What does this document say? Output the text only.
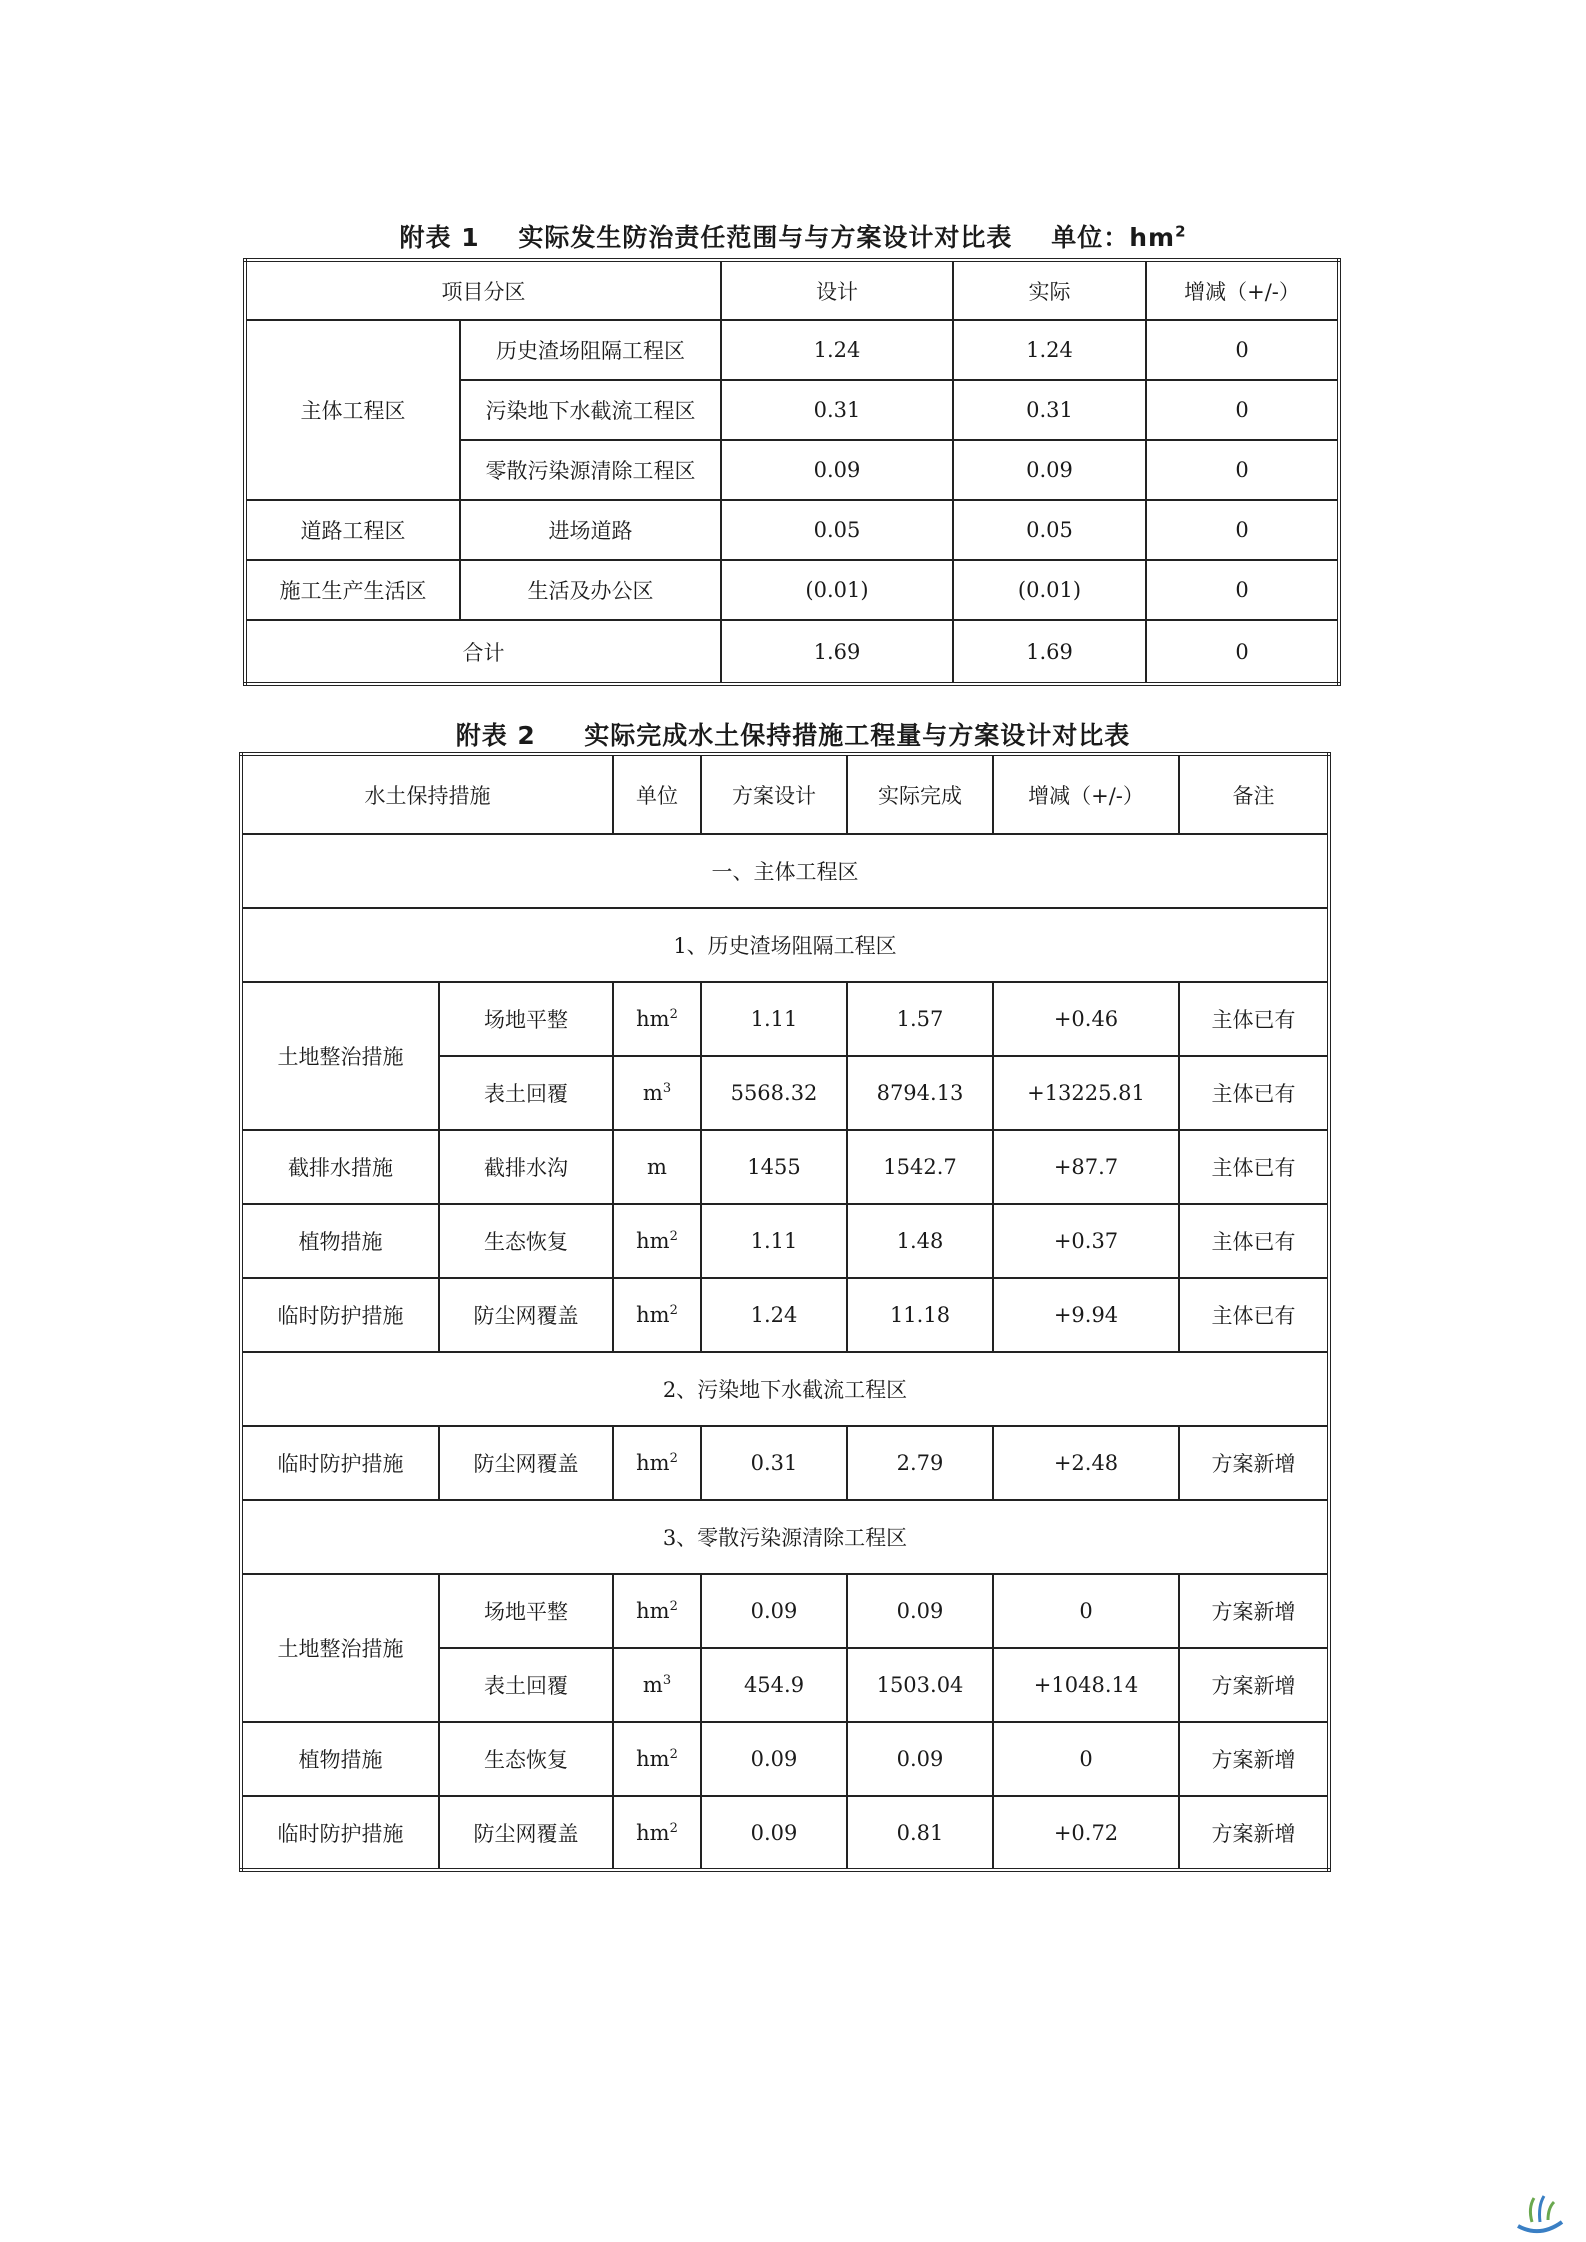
附表 1    实际发生防治责任范围与与方案设计对比表    单位：$hm^2$
项目分区		设计	实际	增减（+/-）
主体工程区	历史渣场阻隔工程区	1.24	1.24	0
	污染地下水截流工程区	0.31	0.31	0
	零散污染源清除工程区	0.09	0.09	0
道路工程区	进场道路	0.05	0.05	0
施工生产生活区	生活及办公区	(0.01)	(0.01)	0
合计		1.69	1.69	0
附表 2     实际完成水土保持措施工程量与方案设计对比表
水土保持措施		单位	方案设计	实际完成	增减（+/-）	备注
一、主体工程区						
1、历史渣场阻隔工程区						
土地整治措施	场地平整	$hm^2$	1.11	1.57	+0.46	主体已有
	表土回覆	$m^3$	5568.32	8794.13	+13225.81	主体已有
截排水措施	截排水沟	m	1455	1542.7	+87.7	主体已有
植物措施	生态恢复	$hm^2$	1.11	1.48	+0.37	主体已有
临时防护措施	防尘网覆盖	$hm^2$	1.24	11.18	+9.94	主体已有
2、污染地下水截流工程区						
临时防护措施	防尘网覆盖	$hm^2$	0.31	2.79	+2.48	方案新增
3、零散污染源清除工程区						
土地整治措施	场地平整	$hm^2$	0.09	0.09	0	方案新增
	表土回覆	$m^3$	454.9	1503.04	+1048.14	方案新增
植物措施	生态恢复	$hm^2$	0.09	0.09	0	方案新增
临时防护措施	防尘网覆盖	$hm^2$	0.09	0.81	+0.72	方案新增
